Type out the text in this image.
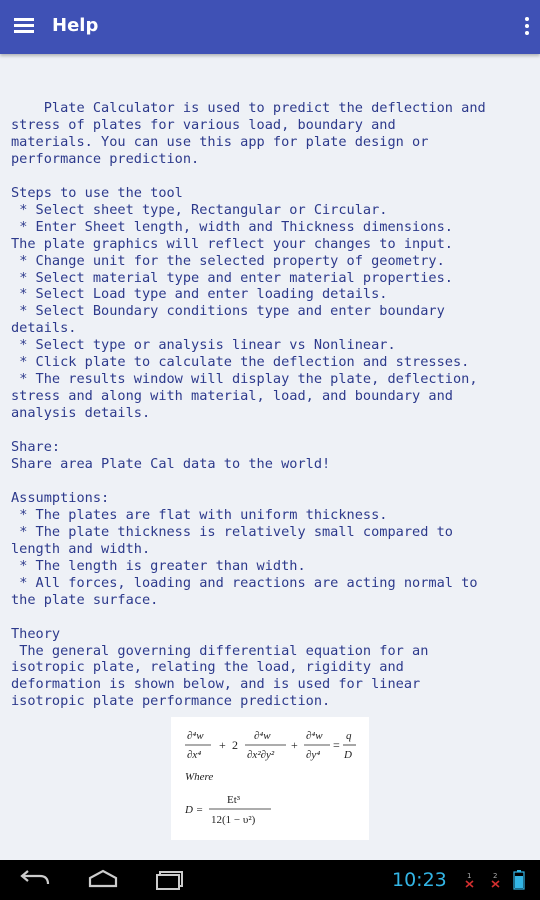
Help
Plate Calculator is used to predict the deflection and
stress of plates for various load, boundary and
materials. You can use this app for plate design or
performance prediction.

Steps to use the tool
* Select sheet type, Rectangular or Circular.
* Enter Sheet length, width and Thickness dimensions.
The plate graphics will reflect your changes to input.
* Change unit for the selected property of geometry.
* Select material type and enter material properties.
* Select Load type and enter loading details.
* Select Boundary conditions type and enter boundary
details.
* Select type or analysis linear vs Nonlinear.
* Click plate to calculate the deflection and stresses.
* The results window will display the plate, deflection,
stress and along with material, load, and boundary and
analysis details.

Share:
Share area Plate Cal data to the world!

Assumptions:
* The plates are flat with uniform thickness.
* The plate thickness is relatively small compared to
length and width.
* The length is greater than width.
* All forces, loading and reactions are acting normal to
the plate surface.

Theory
The general governing differential equation for an
isotropic plate, relating the load, rigidity and
deformation is shown below, and is used for linear
isotropic plate performance prediction.
∂⁴w
∂x⁴
+ 2
∂⁴w
∂x²∂y²
+
∂⁴w
∂y⁴
=
q
D
Where
D =
Et³
12(1 − υ²)
10:23	1	2
